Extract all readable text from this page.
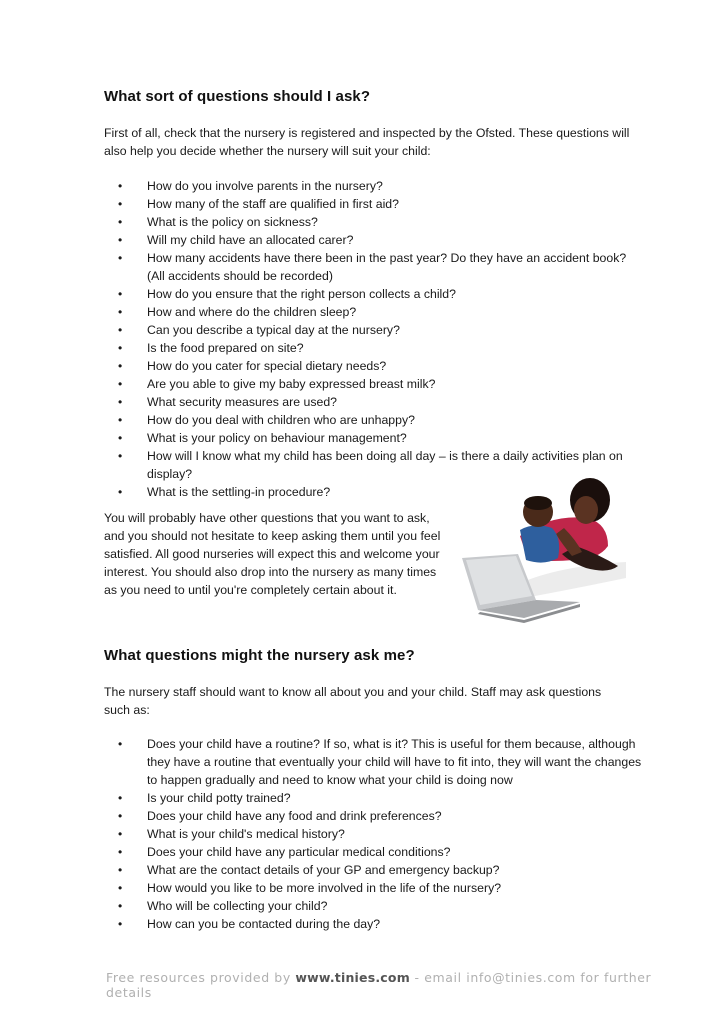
What sort of questions should I ask?

First of all, check that the nursery is registered and inspected by the Ofsted. These questions will also help you decide whether the nursery will suit your child:

• How do you involve parents in the nursery?
• How many of the staff are qualified in first aid?
• What is the policy on sickness?
• Will my child have an allocated carer?
• How many accidents have there been in the past year? Do they have an accident book? (All accidents should be recorded)
• How do you ensure that the right person collects a child?
• How and where do the children sleep?
• Can you describe a typical day at the nursery?
• Is the food prepared on site?
• How do you cater for special dietary needs?
• Are you able to give my baby expressed breast milk?
• What security measures are used?
• How do you deal with children who are unhappy?
• What is your policy on behaviour management?
• How will I know what my child has been doing all day – is there a daily activities plan on display?
• What is the settling-in procedure?

You will probably have other questions that you want to ask, and you should not hesitate to keep asking them until you feel satisfied. All good nurseries will expect this and welcome your interest. You should also drop into the nursery as many times as you need to until you're completely certain about it.

What questions might the nursery ask me?

The nursery staff should want to know all about you and your child. Staff may ask questions such as:

• Does your child have a routine? If so, what is it? This is useful for them because, although they have a routine that eventually your child will have to fit into, they will want the changes to happen gradually and need to know what your child is doing now
• Is your child potty trained?
• Does your child have any food and drink preferences?
• What is your child's medical history?
• Does your child have any particular medical conditions?
• What are the contact details of your GP and emergency backup?
• How would you like to be more involved in the life of the nursery?
• Who will be collecting your child?
• How can you be contacted during the day?
Free resources provided by www.tinies.com - email info@tinies.com for further details
